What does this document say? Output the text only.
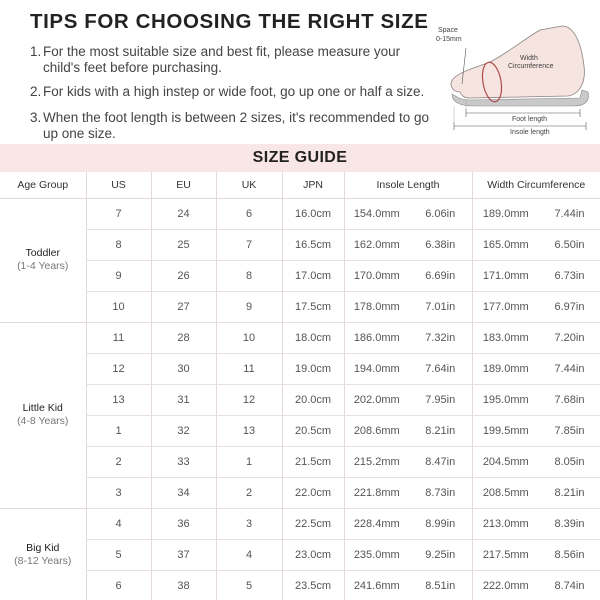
TIPS FOR CHOOSING THE RIGHT SIZE
1. For the most suitable size and best fit, please measure your child's feet before purchasing.
2. For kids with a high instep or wide foot, go up one or half a size.
3. When the foot length is between 2 sizes, it's recommended to go up one size.
Space
0-15mm
Width
Circumference
Foot length
Insole length
SIZE GUIDE
Age Group	US	EU	UK	JPN	Insole Length		Width Circumference	

Toddler
(1-4 Years)	7	24	6	16.0cm	154.0mm	6.06in	189.0mm	7.44in
	8	25	7	16.5cm	162.0mm	6.38in	165.0mm	6.50in
	9	26	8	17.0cm	170.0mm	6.69in	171.0mm	6.73in
	10	27	9	17.5cm	178.0mm	7.01in	177.0mm	6.97in

Little Kid
(4-8 Years)	11	28	10	18.0cm	186.0mm	7.32in	183.0mm	7.20in
	12	30	11	19.0cm	194.0mm	7.64in	189.0mm	7.44in
	13	31	12	20.0cm	202.0mm	7.95in	195.0mm	7.68in
	1	32	13	20.5cm	208.6mm	8.21in	199.5mm	7.85in
	2	33	1	21.5cm	215.2mm	8.47in	204.5mm	8.05in
	3	34	2	22.0cm	221.8mm	8.73in	208.5mm	8.21in

Big Kid
(8-12 Years)	4	36	3	22.5cm	228.4mm	8.99in	213.0mm	8.39in
	5	37	4	23.0cm	235.0mm	9.25in	217.5mm	8.56in
	6	38	5	23.5cm	241.6mm	8.51in	222.0mm	8.74in
